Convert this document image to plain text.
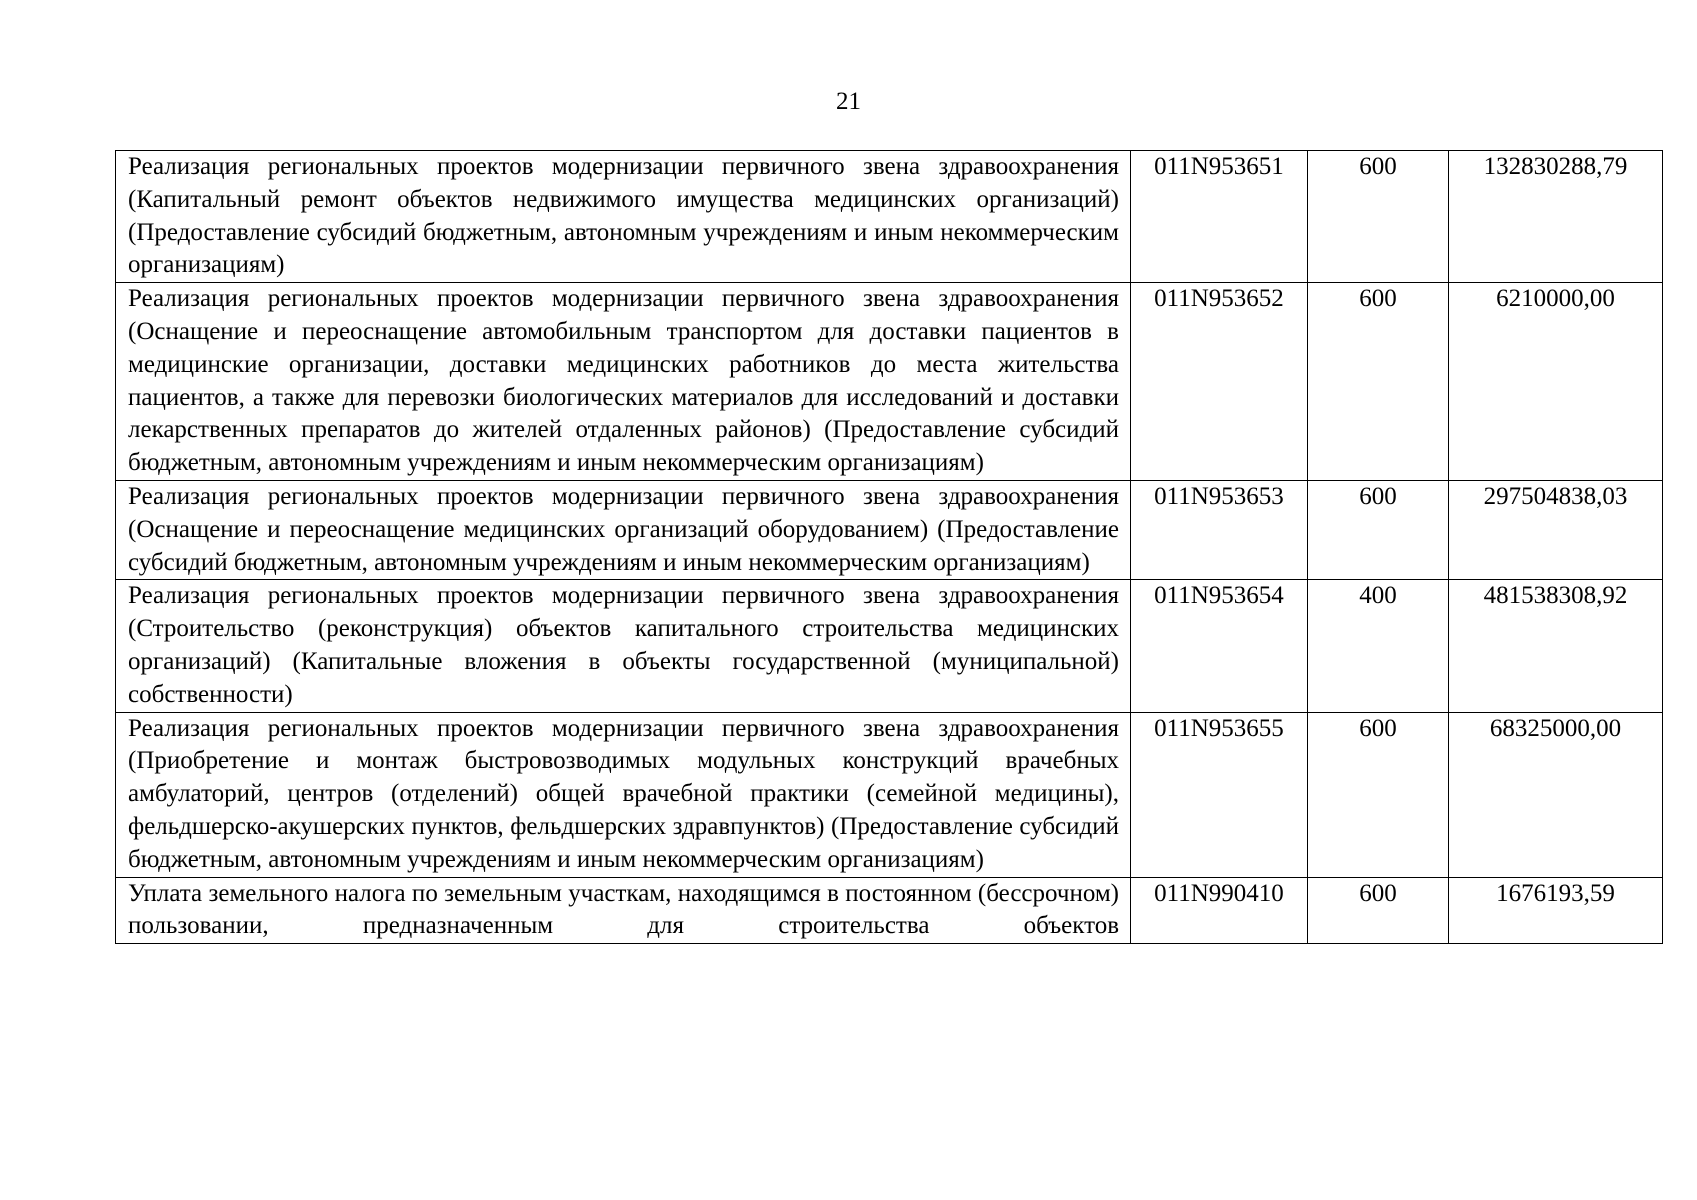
21
Реализация региональных проектов модернизации первичного звена здравоохранения (Капитальный ремонт объектов недвижимого имущества медицинских организаций) (Предоставление субсидий бюджетным, автономным учреждениям и иным некоммерческим организациям)	011N953651	600	132830288,79
Реализация региональных проектов модернизации первичного звена здравоохранения (Оснащение и переоснащение автомобильным транспортом для доставки пациентов в медицинские организации, доставки медицинских работников до места жительства пациентов, а также для перевозки биологических материалов для исследований и доставки лекарственных препаратов до жителей отдаленных районов) (Предоставление субсидий бюджетным, автономным учреждениям и иным некоммерческим организациям)	011N953652	600	6210000,00
Реализация региональных проектов модернизации первичного звена здравоохранения (Оснащение и переоснащение медицинских организаций оборудованием) (Предоставление субсидий бюджетным, автономным учреждениям и иным некоммерческим организациям)	011N953653	600	297504838,03
Реализация региональных проектов модернизации первичного звена здравоохранения (Строительство (реконструкция) объектов капитального строительства медицинских организаций) (Капитальные вложения в объекты государственной (муниципальной) собственности)	011N953654	400	481538308,92
Реализация региональных проектов модернизации первичного звена здравоохранения (Приобретение и монтаж быстровозводимых модульных конструкций врачебных амбулаторий, центров (отделений) общей врачебной практики (семейной медицины), фельдшерско-акушерских пунктов, фельдшерских здравпунктов) (Предоставление субсидий бюджетным, автономным учреждениям и иным некоммерческим организациям)	011N953655	600	68325000,00
Уплата земельного налога по земельным участкам, находящимся в постоянном (бессрочном) пользовании, предназначенным для строительства объектов	011N990410	600	1676193,59
